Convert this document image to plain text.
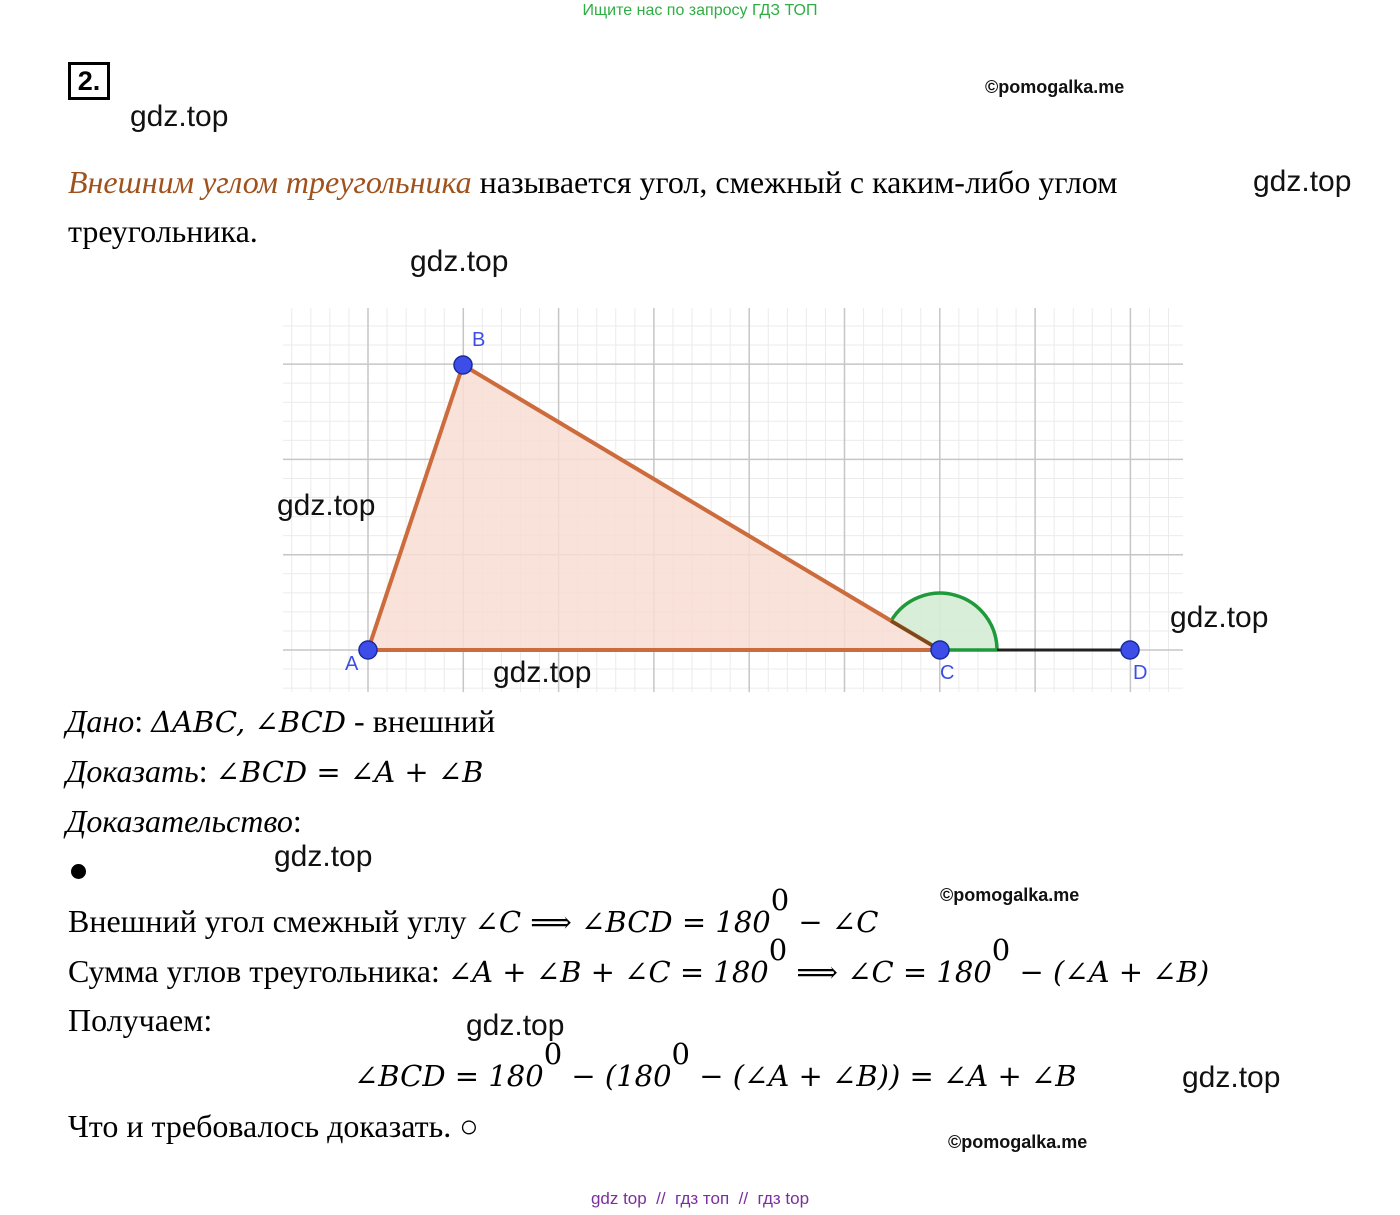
Ищите нас по запросу ГДЗ ТОП
2.
gdz.top
©pomogalka.me
gdz.top
gdz.top
Внешним углом треугольника называется угол, смежный с каким-либо углом
треугольника.
A
B
C	D
gdz.top
gdz.top
gdz.top
Дано: ΔABC, ∠BCD - внешний
Доказать: ∠BCD = ∠A + ∠B
Доказательство:
gdz.top
©pomogalka.me
Внешний угол смежный углу ∠C ⟹ ∠BCD = $180^0$ − ∠C
Сумма углов треугольника: ∠A + ∠B + ∠C = $180^0$ ⟹ ∠C = $180^0$ − (∠A + ∠B)
Получаем:	gdz.top
∠BCD = $180^0 - (180^0$ − (∠A + ∠B)) = ∠A + ∠B	gdz.top
Что и требовалось доказать. ○	©pomogalka.me
gdz top  //  гдз топ  //  гдз top
